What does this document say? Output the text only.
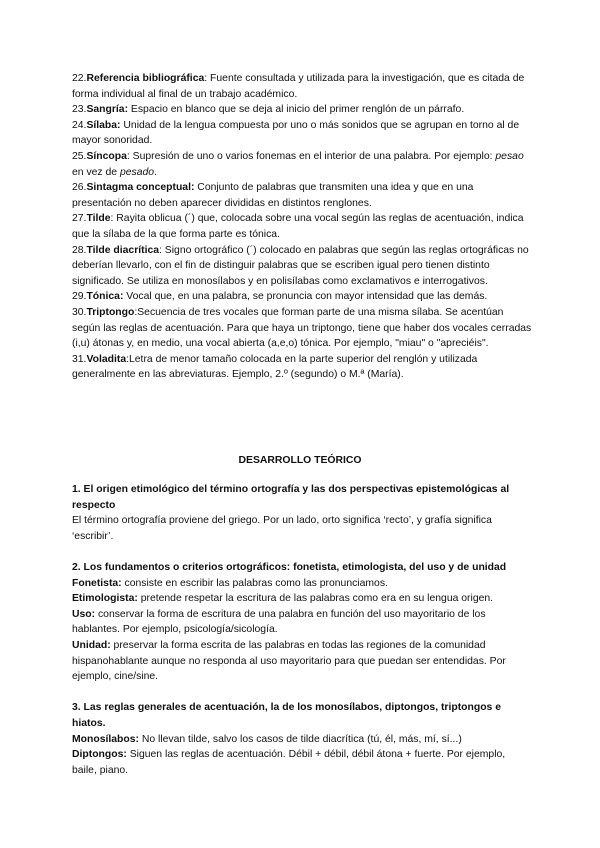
22.Referencia bibliográfica: Fuente consultada y utilizada para la investigación, que es citada de forma individual al final de un trabajo académico.

23.Sangría: Espacio en blanco que se deja al inicio del primer renglón de un párrafo.

24.Sílaba: Unidad de la lengua compuesta por uno o más sonidos que se agrupan en torno al de mayor sonoridad.

25.Síncopa: Supresión de uno o varios fonemas en el interior de una palabra. Por ejemplo: pesao en vez de pesado.

26.Sintagma conceptual: Conjunto de palabras que transmiten una idea y que en una presentación no deben aparecer divididas en distintos renglones.

27.Tilde: Rayita oblicua (´) que, colocada sobre una vocal según las reglas de acentuación, indica que la sílaba de la que forma parte es tónica.

28.Tilde diacrítica: Signo ortográfico (´) colocado en palabras que según las reglas ortográficas no deberían llevarlo, con el fin de distinguir palabras que se escriben igual pero tienen distinto significado. Se utiliza en monosílabos y en polisílabas como exclamativos e interrogativos.

29.Tónica: Vocal que, en una palabra, se pronuncia con mayor intensidad que las demás.

30.Triptongo:Secuencia de tres vocales que forman parte de una misma sílaba. Se acentúan según las reglas de acentuación. Para que haya un triptongo, tiene que haber dos vocales cerradas (i,u) átonas y, en medio, una vocal abierta (a,e,o) tónica. Por ejemplo, "miau" o "apreciéis".

31.Voladita:Letra de menor tamaño colocada en la parte superior del renglón y utilizada generalmente en las abreviaturas. Ejemplo, 2.º (segundo) o M.ª (María).

DESARROLLO TEÓRICO

1. El origen etimológico del término ortografía y las dos perspectivas epistemológicas al respecto

El término ortografía proviene del griego. Por un lado, orto significa ‘recto’, y grafía significa ‘escribir’.

2. Los fundamentos o criterios ortográficos: fonetista, etimologista, del uso y de unidad

Fonetista: consiste en escribir las palabras como las pronunciamos.

Etimologista: pretende respetar la escritura de las palabras como era en su lengua origen.

Uso: conservar la forma de escritura de una palabra en función del uso mayoritario de los hablantes. Por ejemplo, psicología/sicología.

Unidad: preservar la forma escrita de las palabras en todas las regiones de la comunidad hispanohablante aunque no responda al uso mayoritario para que puedan ser entendidas. Por ejemplo, cine/sine.

3. Las reglas generales de acentuación, la de los monosílabos, diptongos, triptongos e hiatos.

Monosílabos: No llevan tilde, salvo los casos de tilde diacrítica (tú, él, más, mí, sí...)

Diptongos: Siguen las reglas de acentuación. Débil + débil, débil átona + fuerte. Por ejemplo, baile, piano.
